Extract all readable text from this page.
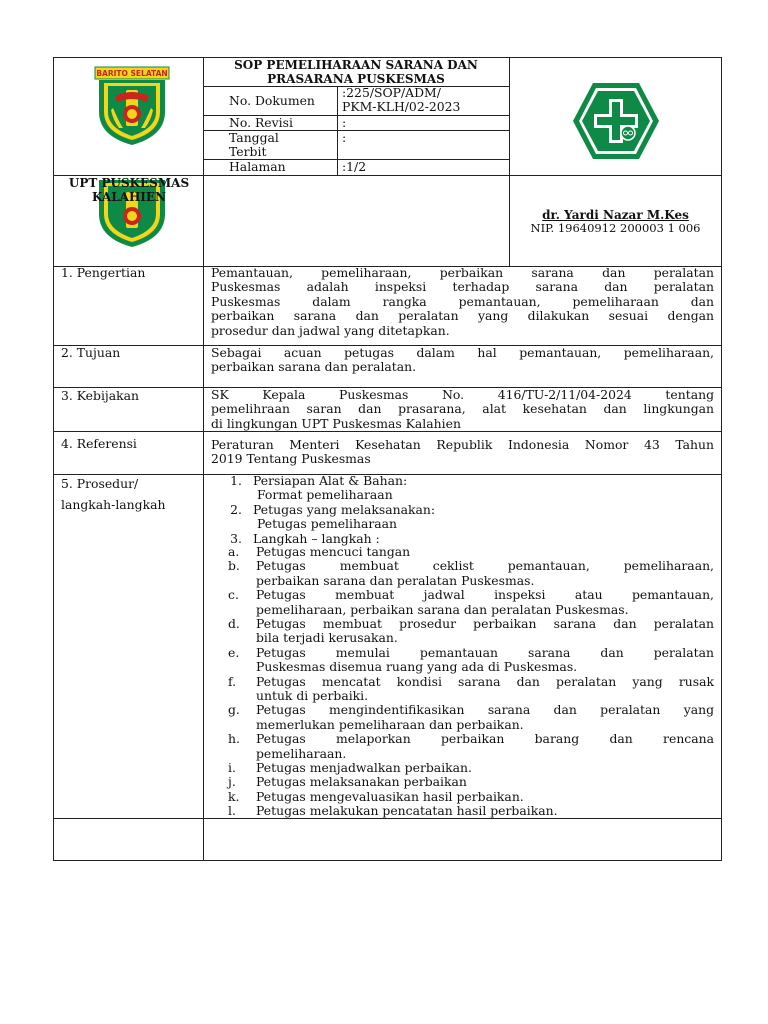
SOP PEMELIHARAAN SARANA DAN
PRASARANA PUSKESMAS
No. Dokumen
:225/SOP/ADM/
PKM-KLH/02-2023
No. Revisi	:
Tanggal
Terbit
:
Halaman	:1/2
BARITO SELATAN
UPT PUSKESMAS
KALAHIEN
dr. Yardi Nazar M.Kes
NIP. 19640912 200003 1 006
1. Pengertian
2. Tujuan
3. Kebijakan
4. Referensi
5. Prosedur/
langkah-langkah
Pemantauan, pemeliharaan, perbaikan sarana dan peralatan
Puskesmas adalah inspeksi terhadap sarana dan peralatan
Puskesmas dalam rangka pemantauan, pemeliharaan dan
perbaikan sarana dan peralatan yang dilakukan sesuai dengan
prosedur dan jadwal yang ditetapkan.
Sebagai acuan petugas dalam hal pemantauan, pemeliharaan,
perbaikan sarana dan peralatan.
SK Kepala Puskesmas No. 416/TU-2/11/04-2024 tentang
pemelihraan saran dan prasarana, alat kesehatan dan lingkungan
di lingkungan UPT Puskesmas Kalahien
Peraturan Menteri Kesehatan Republik Indonesia Nomor 43 Tahun
2019 Tentang Puskesmas
1. Persiapan Alat & Bahan:
Format pemeliharaan
2. Petugas yang melaksanakan:
Petugas pemeliharaan
3. Langkah – langkah :
a. Petugas mencuci tangan
b. Petugas membuat ceklist pemantauan, pemeliharaan,
perbaikan sarana dan peralatan Puskesmas.
c. Petugas membuat jadwal inspeksi atau pemantauan,
pemeliharaan, perbaikan sarana dan peralatan Puskesmas.
d. Petugas membuat prosedur perbaikan sarana dan peralatan
bila terjadi kerusakan.
e. Petugas memulai pemantauan sarana dan peralatan
Puskesmas disemua ruang yang ada di Puskesmas.
f. Petugas mencatat kondisi sarana dan peralatan yang rusak
untuk di perbaiki.
g. Petugas mengindentifikasikan sarana dan peralatan yang
memerlukan pemeliharaan dan perbaikan.
h. Petugas melaporkan perbaikan barang dan rencana
pemeliharaan.
i. Petugas menjadwalkan perbaikan.
j. Petugas melaksanakan perbaikan
k. Petugas mengevaluasikan hasil perbaikan.
l. Petugas melakukan pencatatan hasil perbaikan.
